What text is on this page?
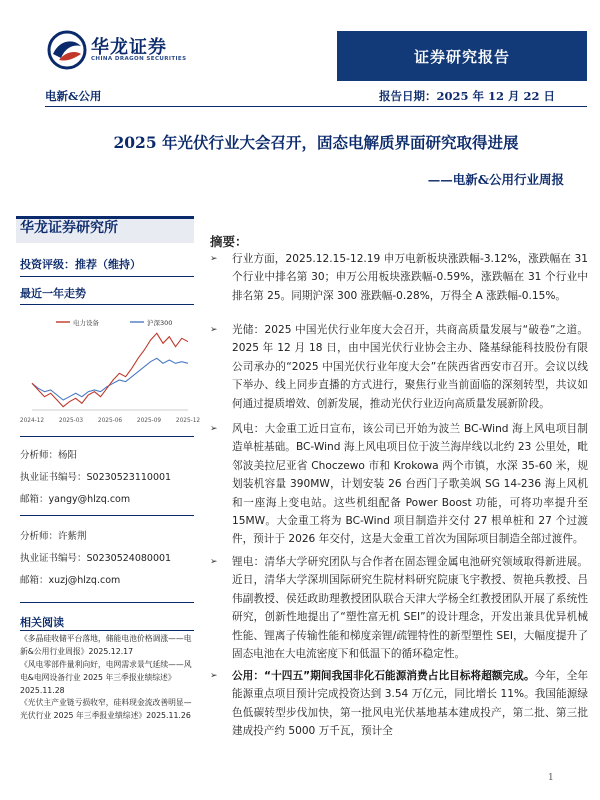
华龙证券
CHINA DRAGON SECURITIES	证券研究报告
电新&公用	报告日期：2025 年 12 月 22 日
2025 年光伏行业大会召开，固态电解质界面研究取得进展
——电新&公用行业周报
华龙证券研究所
投资评级：推荐（维持）
最近一年走势
电力设备	沪深300
2024-12	2025-03	2025-06	2025-09	2025-12
分析师：杨阳
执业证书编号：S0230523110001
邮箱：yangy@hlzq.com
分析师：许紫荆
执业证书编号：S0230524080001
邮箱：xuzj@hlzq.com
相关阅读
《多晶硅收储平台落地，储能电池价格调涨——电新&公用行业周报》2025.12.17
《风电零部件量利向好，电网需求景气延续——风电&电网设备行业 2025 年三季报业绩综述》2025.11.28
《光伏主产业链亏损收窄，硅料现金流改善明显—光伏行业 2025 年三季报业绩综述》2025.11.26
摘要：
➢ 行业方面，2025.12.15-12.19 申万电新板块涨跌幅-3.12%，涨跌幅在 31 个行业中排名第 30；申万公用板块涨跌幅-0.59%，涨跌幅在 31 个行业中排名第 25。同期沪深 300 涨跌幅-0.28%，万得全 A 涨跌幅-0.15%。
➢ 光储：2025 中国光伏行业年度大会召开，共商高质量发展与“破卷”之道。2025 年 12 月 18 日，由中国光伏行业协会主办、隆基绿能科技股份有限公司承办的“2025 中国光伏行业年度大会”在陕西省西安市召开。会议以线下举办、线上同步直播的方式进行，聚焦行业当前面临的深刻转型，共议如何通过提质增效、创新发展，推动光伏行业迈向高质量发展新阶段。
➢ 风电：大金重工近日宣布，该公司已开始为波兰 BC-Wind 海上风电项目制造单桩基础。BC-Wind 海上风电项目位于波兰海岸线以北约 23 公里处，毗邻波美拉尼亚省 Choczewo 市和 Krokowa 两个市镇，水深 35-60 米，规划装机容量 390MW，计划安装 26 台西门子歌美飒 SG 14-236 海上风机和一座海上变电站。这些机组配备 Power Boost 功能，可将功率提升至 15MW。大金重工将为 BC-Wind 项目制造并交付 27 根单桩和 27 个过渡件，预计于 2026 年交付，这是大金重工首次为国际项目制造全部过渡件。
➢ 锂电：清华大学研究团队与合作者在固态锂金属电池研究领域取得新进展。近日，清华大学深圳国际研究生院材料研究院康飞宇教授、贺艳兵教授、吕伟副教授、侯廷政助理教授团队联合天津大学杨全红教授团队开展了系统性研究，创新性地提出了“塑性富无机 SEI”的设计理念，开发出兼具优异机械性能、锂离子传输性能和梯度亲锂/疏锂特性的新型塑性 SEI，大幅度提升了固态电池在大电流密度下和低温下的循环稳定性。
➢ 公用：“十四五”期间我国非化石能源消费占比目标将超额完成。今年，全年能源重点项目预计完成投资达到 3.54 万亿元，同比增长 11%。我国能源绿色低碳转型步伐加快，第一批风电光伏基地基本建成投产，第二批、第三批建成投产约 5000 万千瓦，预计全
1
